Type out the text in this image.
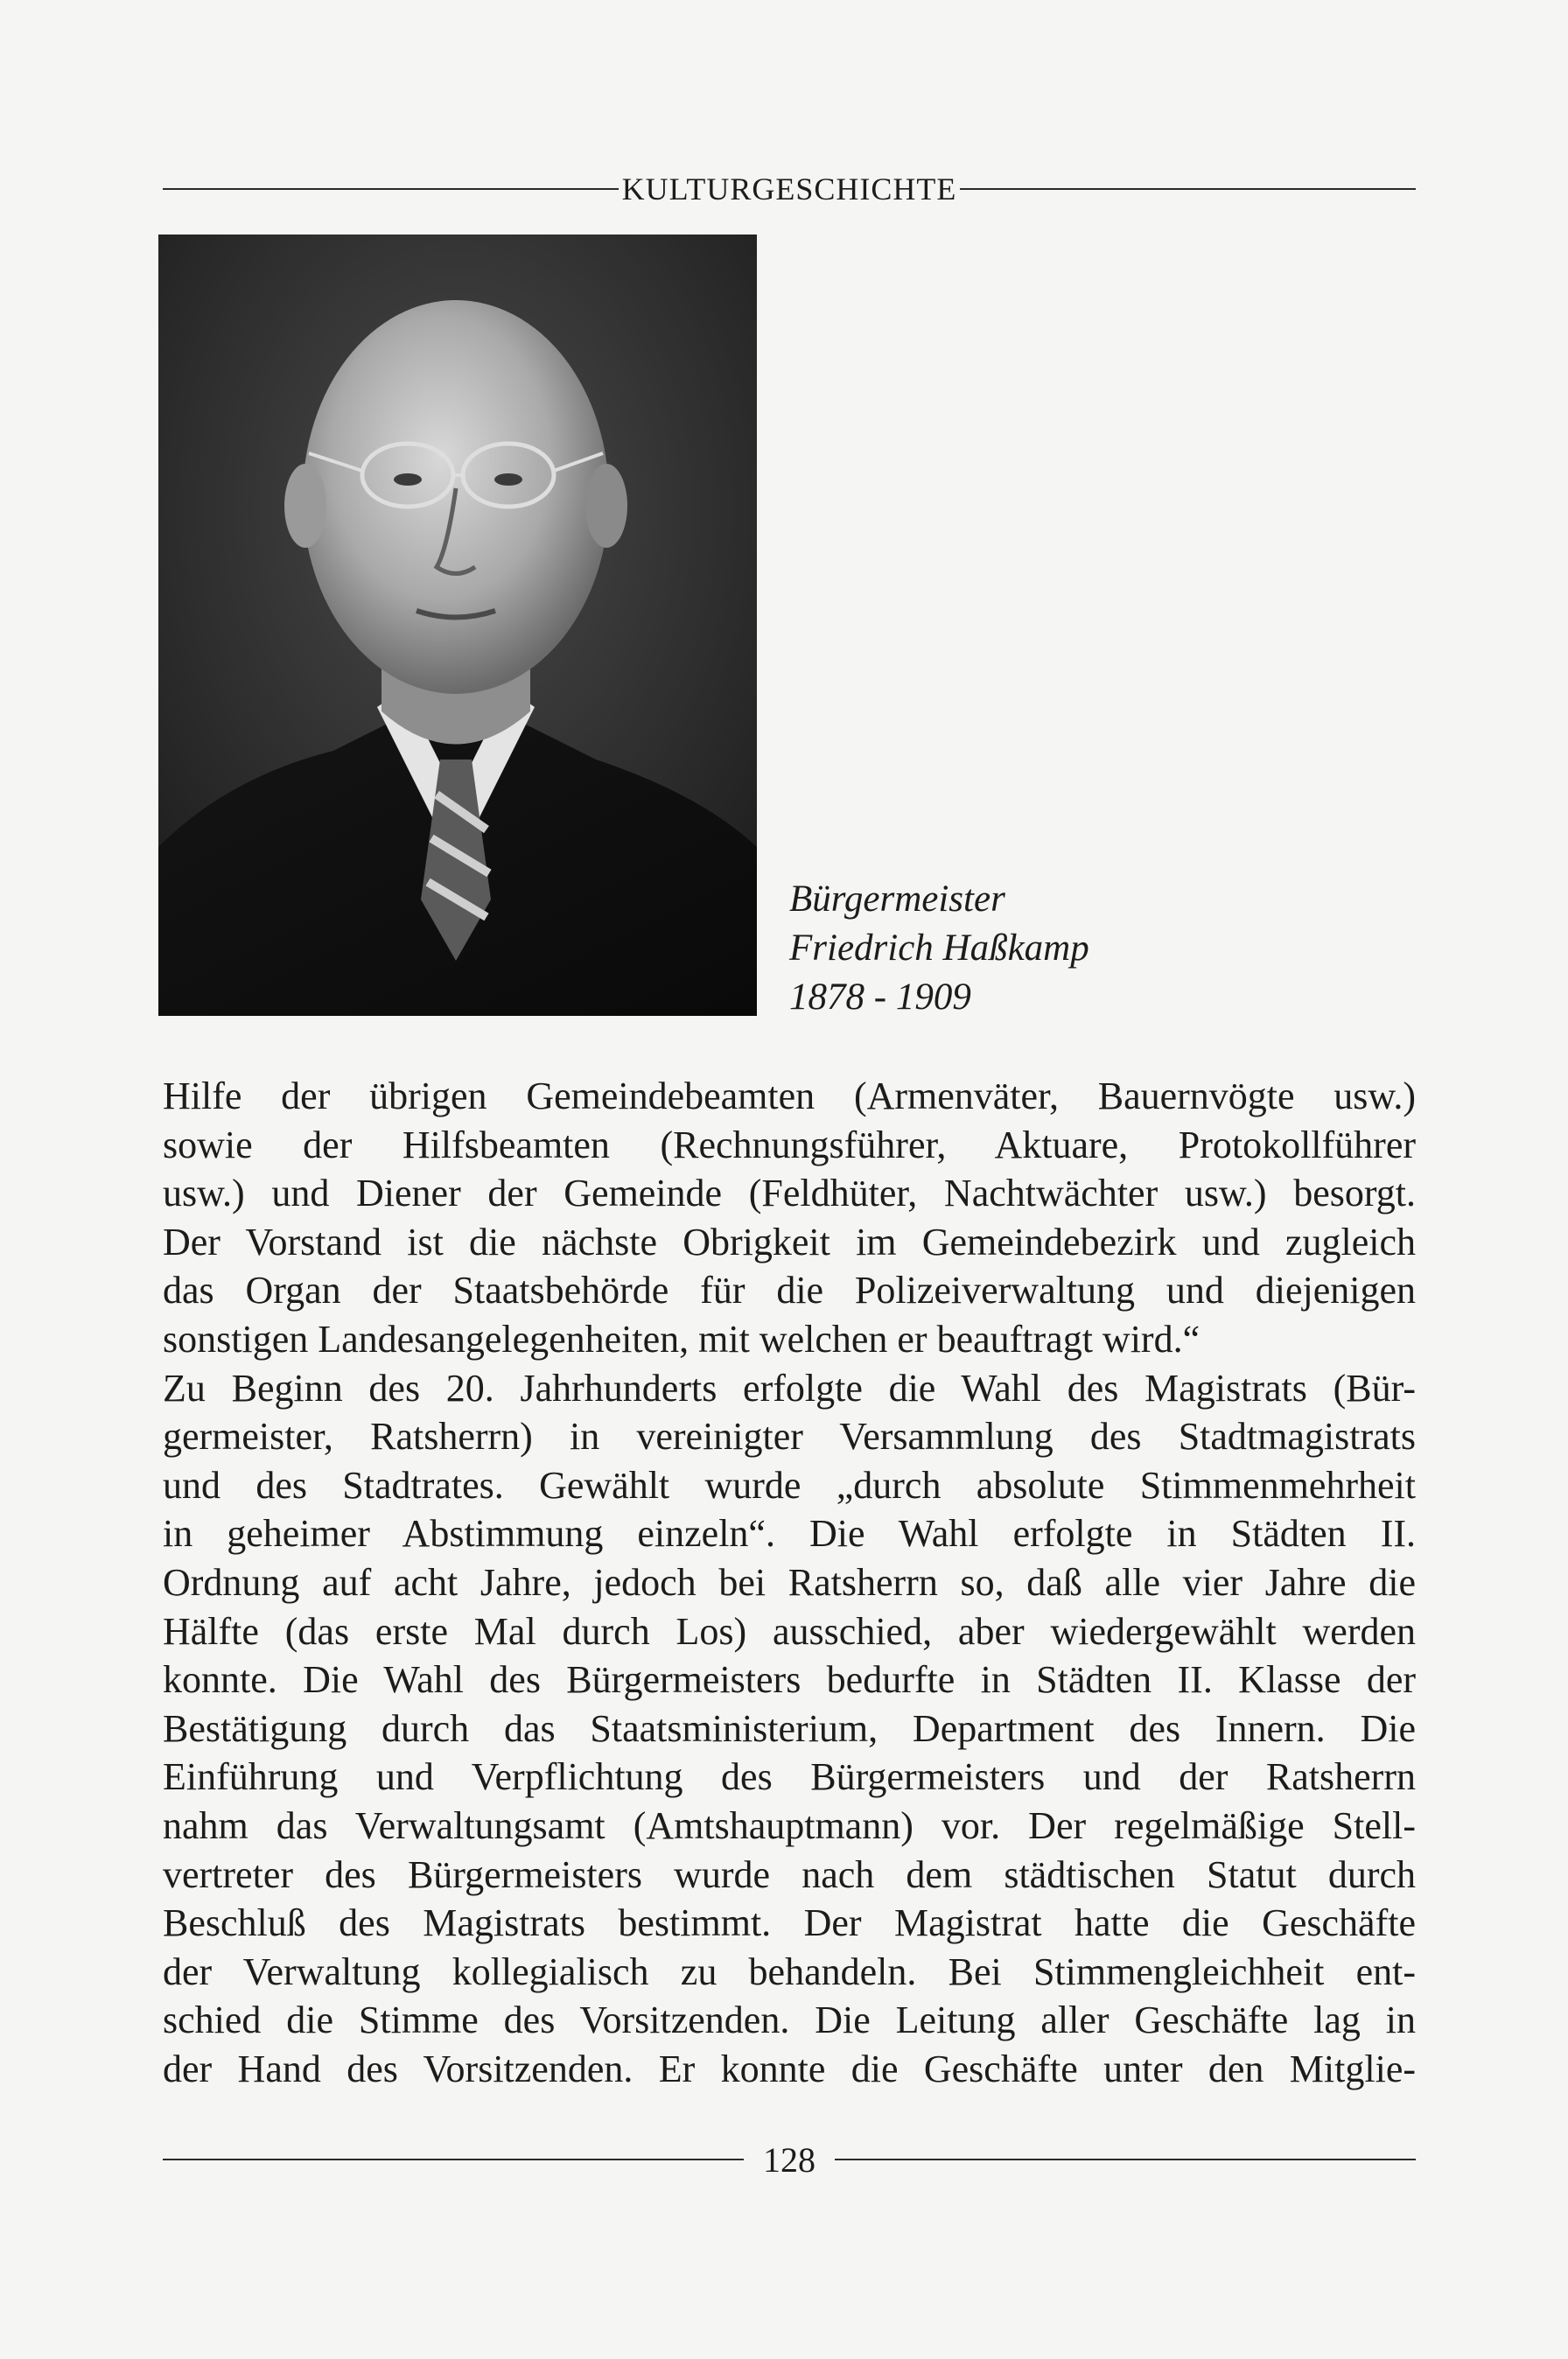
KULTURGESCHICHTE
Bürgermeister
Friedrich Haßkamp
1878 - 1909
Hilfe der übrigen Gemeindebeamten (Armenväter, Bauernvögte usw.)
sowie der Hilfsbeamten (Rechnungsführer, Aktuare, Protokollführer
usw.) und Diener der Gemeinde (Feldhüter, Nachtwächter usw.) besorgt.
Der Vorstand ist die nächste Obrigkeit im Gemeindebezirk und zugleich
das Organ der Staatsbehörde für die Polizeiverwaltung und diejenigen
sonstigen Landesangelegenheiten, mit welchen er beauftragt wird.“
Zu Beginn des 20. Jahrhunderts erfolgte die Wahl des Magistrats (Bür-
germeister, Ratsherrn) in vereinigter Versammlung des Stadtmagistrats
und des Stadtrates. Gewählt wurde „durch absolute Stimmenmehrheit
in geheimer Abstimmung einzeln“. Die Wahl erfolgte in Städten II.
Ordnung auf acht Jahre, jedoch bei Ratsherrn so, daß alle vier Jahre die
Hälfte (das erste Mal durch Los) ausschied, aber wiedergewählt werden
konnte. Die Wahl des Bürgermeisters bedurfte in Städten II. Klasse der
Bestätigung durch das Staatsministerium, Department des Innern. Die
Einführung und Verpflichtung des Bürgermeisters und der Ratsherrn
nahm das Verwaltungsamt (Amtshauptmann) vor. Der regelmäßige Stell-
vertreter des Bürgermeisters wurde nach dem städtischen Statut durch
Beschluß des Magistrats bestimmt. Der Magistrat hatte die Geschäfte
der Verwaltung kollegialisch zu behandeln. Bei Stimmengleichheit ent-
schied die Stimme des Vorsitzenden. Die Leitung aller Geschäfte lag in
der Hand des Vorsitzenden. Er konnte die Geschäfte unter den Mitglie-
128
